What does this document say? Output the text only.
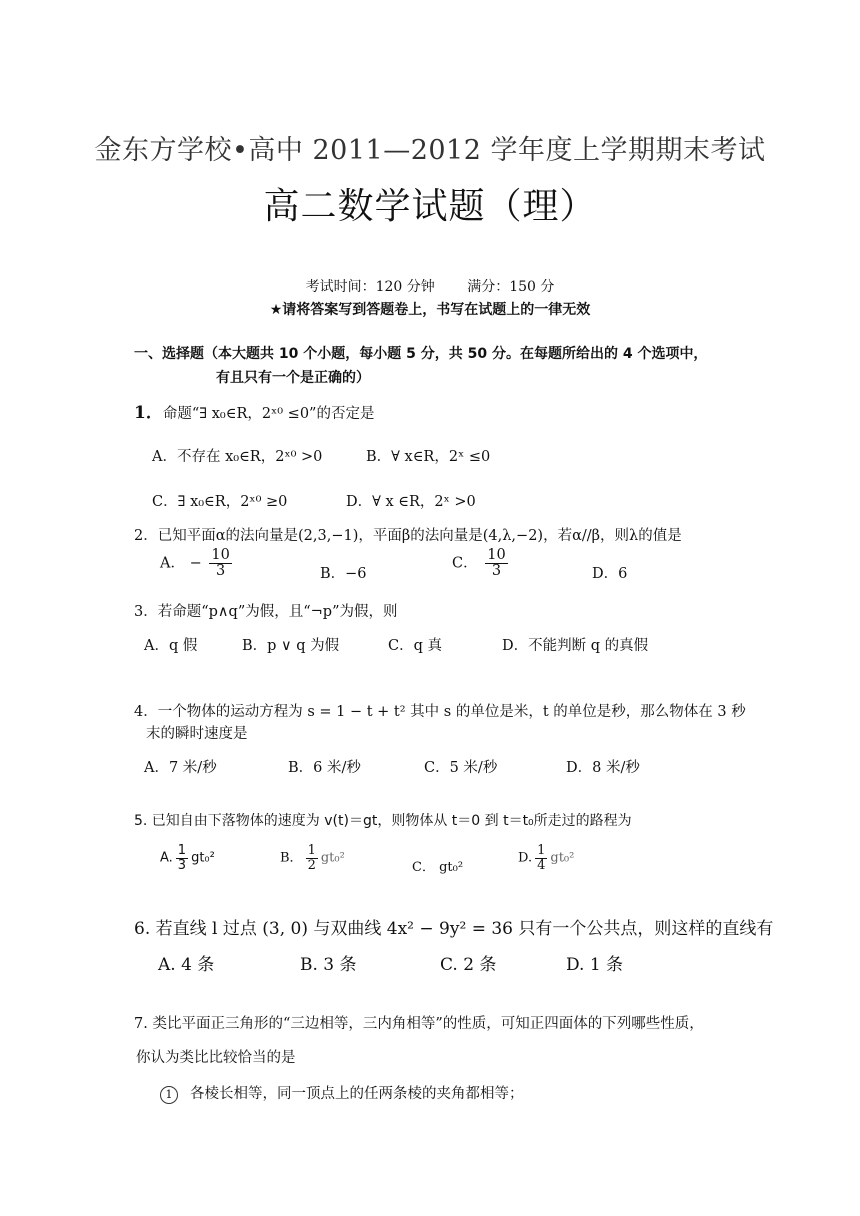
金东方学校•高中 2011—2012 学年度上学期期末考试
高二数学试题（理）
考试时间：120 分钟 满分：150 分
★请将答案写到答题卷上，书写在试题上的一律无效
一、选择题（本大题共 10 个小题，每小题 5 分，共 50 分。在每题所给出的 4 个选项中，
有且只有一个是正确的）
1．命题“∃ x₀∈R，2ˣ⁰ ≤0”的否定是
A．不存在 x₀∈R，2ˣ⁰ >0	B．∀ x∈R，2ˣ ≤0
C．∃ x₀∈R，2ˣ⁰ ≥0	D．∀ x ∈R，2ˣ >0
2．已知平面α的法向量是(2,3,−1)，平面β的法向量是(4,λ,−2)，若α//β，则λ的值是
A． − $\frac{10}{3}$	B．−6
C． $\frac{10}{3}$	D．6
3．若命题“p∧q”为假，且“¬p”为假，则
A．q 假	B．p ∨ q 为假	C．q 真	D．不能判断 q 的真假
4．一个物体的运动方程为 s = 1 − t + t² 其中 s 的单位是米，t 的单位是秒，那么物体在 3 秒
末的瞬时速度是
A．7 米/秒	B．6 米/秒	C．5 米/秒	D．8 米/秒
5. 已知自由下落物体的速度为 v(t)＝gt，则物体从 t＝0 到 t＝t₀所走过的路程为
A. $\frac{1}{3} gt_0^2$	B． $\frac{1}{2} gt_0^2$
C． gt₀²
D. $\frac{1}{4} gt_0^2$
6. 若直线 l 过点 (3, 0) 与双曲线 4x² − 9y² = 36 只有一个公共点，则这样的直线有
A. 4 条	B. 3 条	C. 2 条	D. 1 条
7. 类比平面正三角形的“三边相等，三内角相等”的性质，可知正四面体的下列哪些性质，
你认为类比比较恰当的是
1 各棱长相等，同一顶点上的任两条棱的夹角都相等；
